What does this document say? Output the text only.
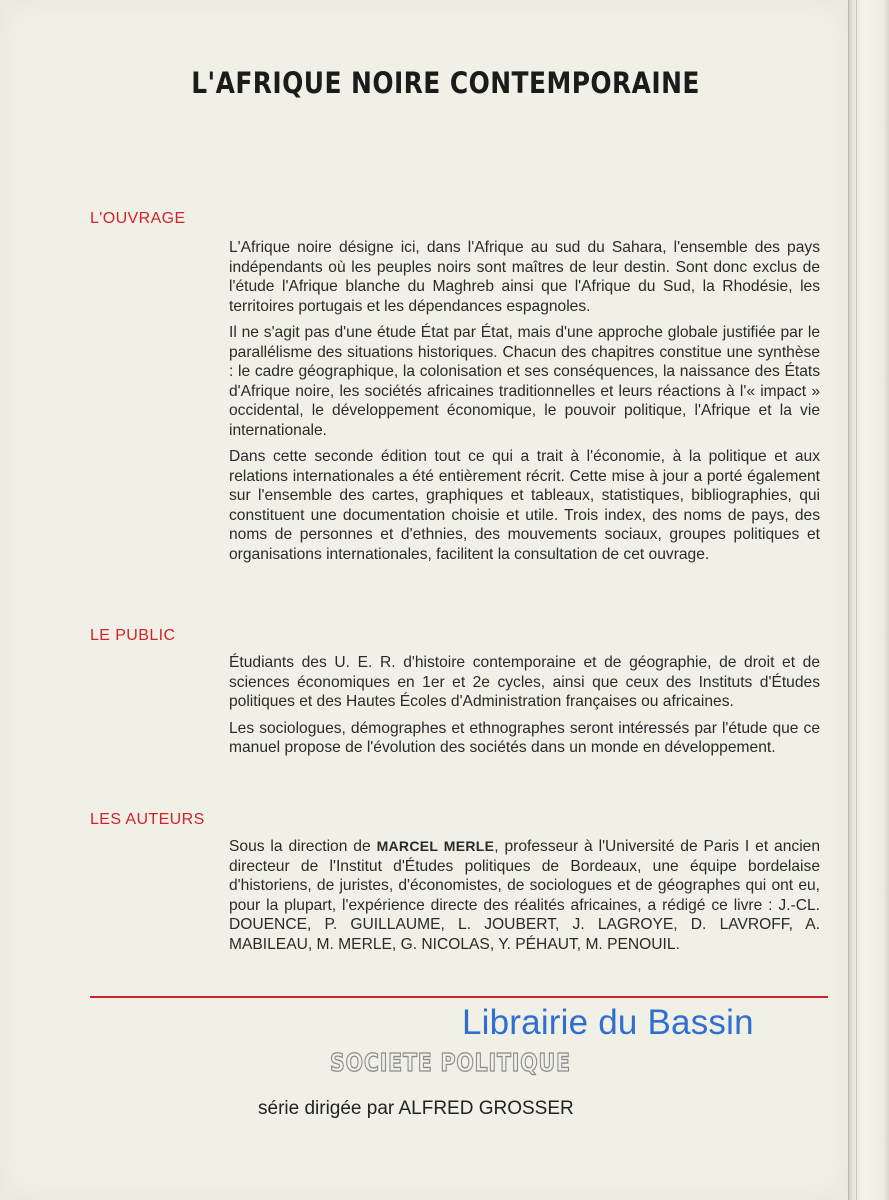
L'AFRIQUE NOIRE CONTEMPORAINE
L'OUVRAGE

L'Afrique noire désigne ici, dans l'Afrique au sud du Sahara, l'ensemble des pays indépendants où les peuples noirs sont maîtres de leur destin. Sont donc exclus de l'étude l'Afrique blanche du Maghreb ainsi que l'Afrique du Sud, la Rhodésie, les territoires portugais et les dépendances espagnoles.

Il ne s'agit pas d'une étude État par État, mais d'une approche globale justifiée par le parallélisme des situations historiques. Chacun des chapitres constitue une synthèse : le cadre géographique, la colonisation et ses conséquences, la naissance des États d'Afrique noire, les sociétés africaines traditionnelles et leurs réactions à l'« impact » occidental, le développement économique, le pouvoir politique, l'Afrique et la vie internationale.

Dans cette seconde édition tout ce qui a trait à l'économie, à la politique et aux relations internationales a été entièrement récrit. Cette mise à jour a porté également sur l'ensemble des cartes, graphiques et tableaux, statistiques, bibliographies, qui constituent une documentation choisie et utile. Trois index, des noms de pays, des noms de personnes et d'ethnies, des mouvements sociaux, groupes politiques et organisations internationales, facilitent la consultation de cet ouvrage.

LE PUBLIC

Étudiants des U. E. R. d'histoire contemporaine et de géographie, de droit et de sciences économiques en 1er et 2e cycles, ainsi que ceux des Instituts d'Études politiques et des Hautes Écoles d'Administration françaises ou africaines.

Les sociologues, démographes et ethnographes seront intéressés par l'étude que ce manuel propose de l'évolution des sociétés dans un monde en développement.

LES AUTEURS

Sous la direction de MARCEL MERLE, professeur à l'Université de Paris I et ancien directeur de l'Institut d'Études politiques de Bordeaux, une équipe bordelaise d'historiens, de juristes, d'économistes, de sociologues et de géographes qui ont eu, pour la plupart, l'expérience directe des réalités africaines, a rédigé ce livre : J.-CL. DOUENCE, P. GUILLAUME, L. JOUBERT, J. LAGROYE, D. LAVROFF, A. MABILEAU, M. MERLE, G. NICOLAS, Y. PÉHAUT, M. PENOUIL.

Librairie du Bassin
SOCIETE POLITIQUE
série dirigée par ALFRED GROSSER
